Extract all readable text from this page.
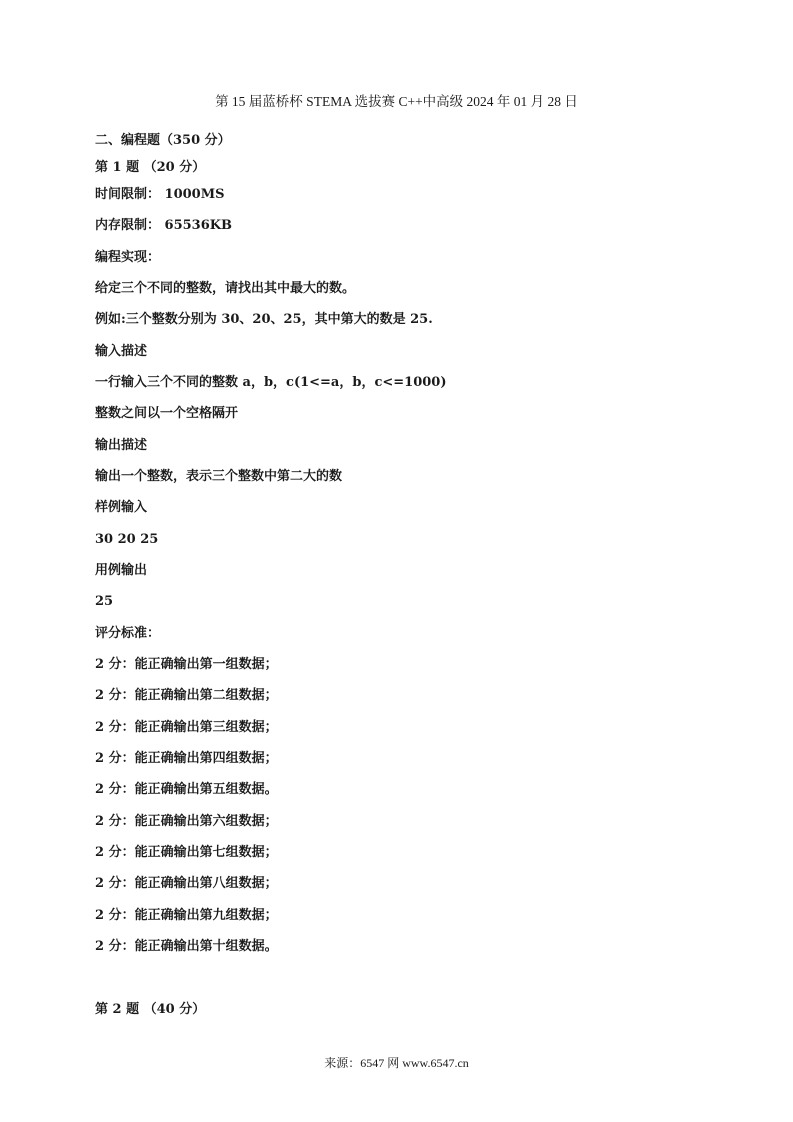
第 15 届蓝桥杯 STEMA 选拔赛 C++中高级 2024 年 01 月 28 日
二、编程题（350 分）
第 1 题 （20 分）
时间限制： 1000MS
内存限制： 65536KB
编程实现：
给定三个不同的整数，请找出其中最大的数。
例如:三个整数分别为 30、20、25，其中第大的数是 25.
输入描述
一行输入三个不同的整数 a，b，c(1<=a，b，c<=1000)
整数之间以一个空格隔开
输出描述
输出一个整数，表示三个整数中第二大的数
样例输入
30 20 25
用例输出
25
评分标准：
2 分：能正确输出第一组数据；
2 分：能正确输出第二组数据；
2 分：能正确输出第三组数据；
2 分：能正确输出第四组数据；
2 分：能正确输出第五组数据。
2 分：能正确输出第六组数据；
2 分：能正确输出第七组数据；
2 分：能正确输出第八组数据；
2 分：能正确输出第九组数据；
2 分：能正确输出第十组数据。
第 2 题 （40 分）
来源：6547 网 www.6547.cn
